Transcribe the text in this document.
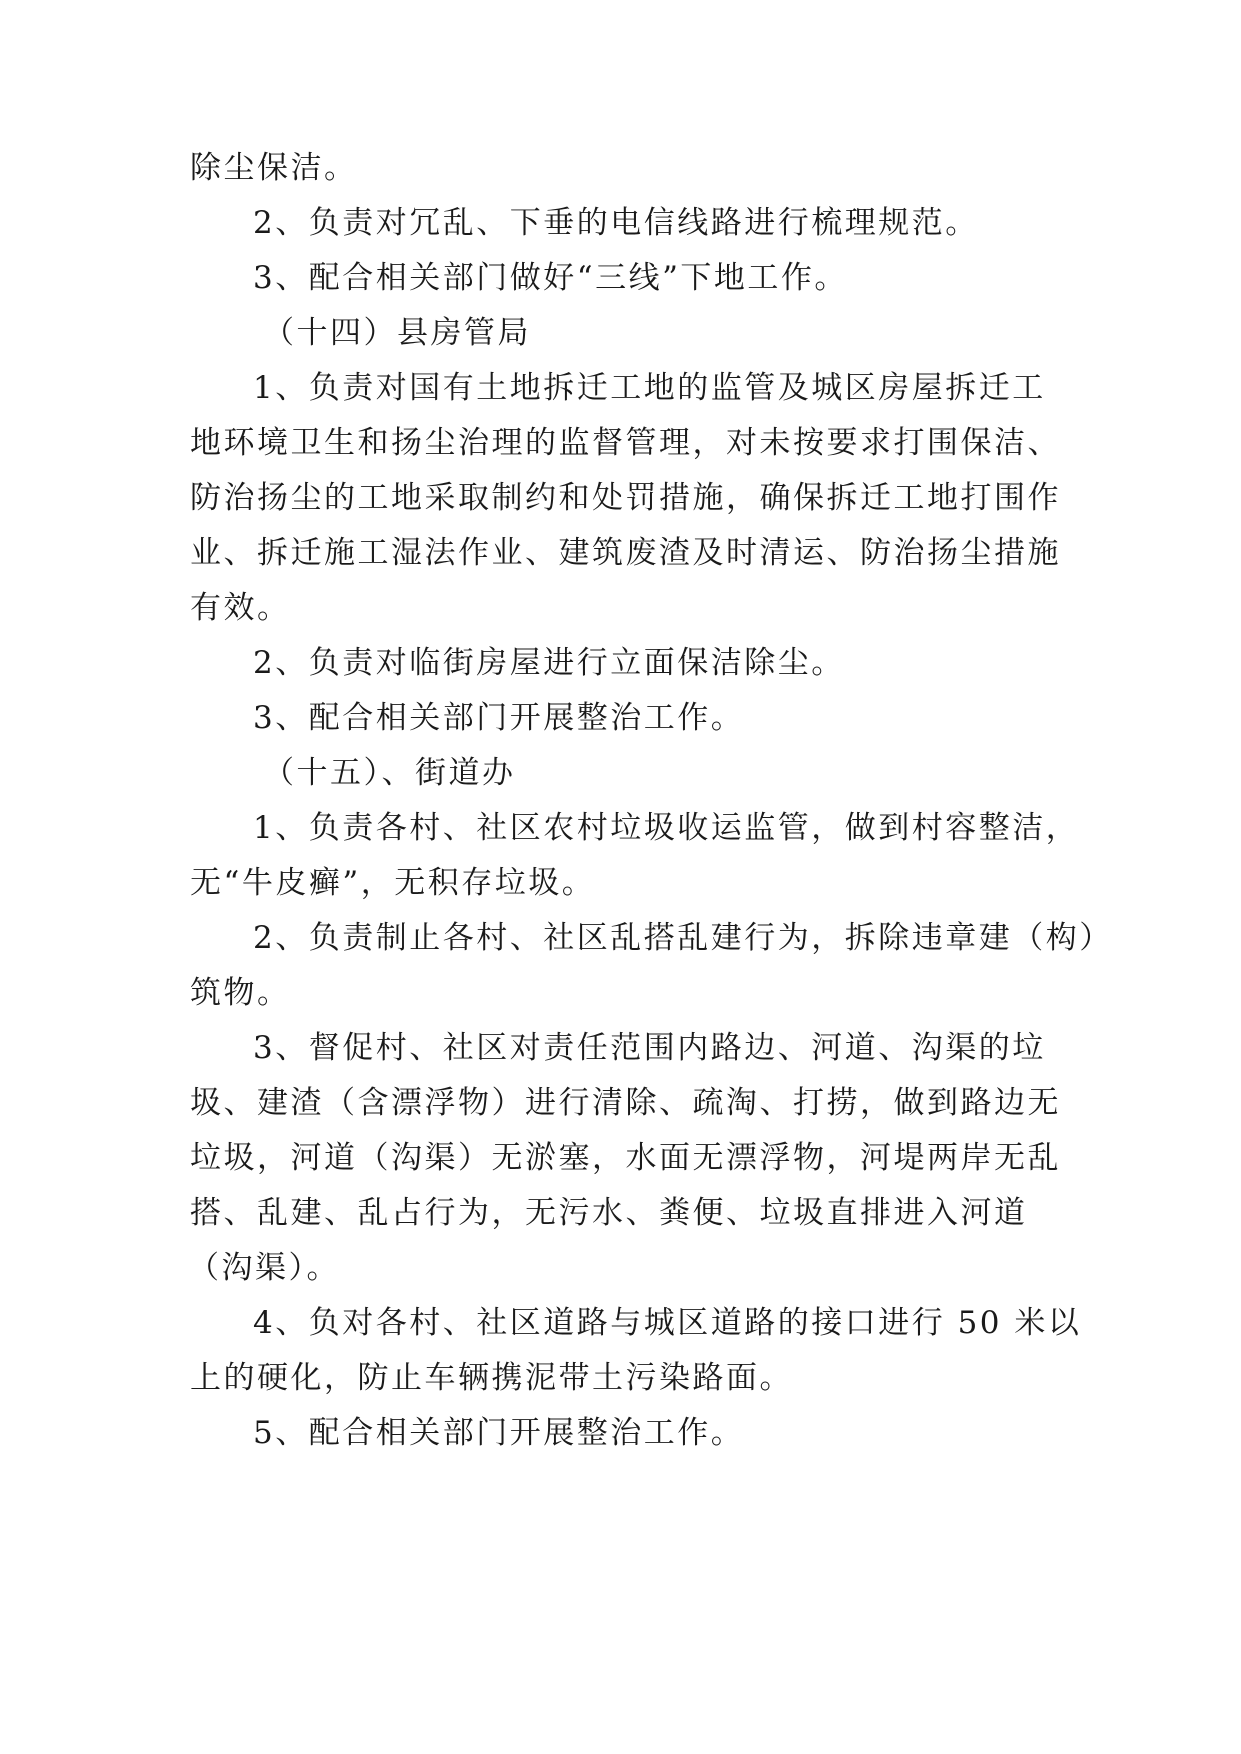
除尘保洁。
2、负责对冗乱、下垂的电信线路进行梳理规范。
3、配合相关部门做好“三线”下地工作。
（十四）县房管局
1、负责对国有土地拆迁工地的监管及城区房屋拆迁工
地环境卫生和扬尘治理的监督管理，对未按要求打围保洁、
防治扬尘的工地采取制约和处罚措施，确保拆迁工地打围作
业、拆迁施工湿法作业、建筑废渣及时清运、防治扬尘措施
有效。
2、负责对临街房屋进行立面保洁除尘。
3、配合相关部门开展整治工作。
（十五）、街道办
1、负责各村、社区农村垃圾收运监管，做到村容整洁，
无“牛皮癣”，无积存垃圾。
2、负责制止各村、社区乱搭乱建行为，拆除违章建（构）
筑物。
3、督促村、社区对责任范围内路边、河道、沟渠的垃
圾、建渣（含漂浮物）进行清除、疏淘、打捞，做到路边无
垃圾，河道（沟渠）无淤塞，水面无漂浮物，河堤两岸无乱
搭、乱建、乱占行为，无污水、粪便、垃圾直排进入河道
（沟渠）。
4、负对各村、社区道路与城区道路的接口进行 50 米以
上的硬化，防止车辆携泥带土污染路面。
5、配合相关部门开展整治工作。
